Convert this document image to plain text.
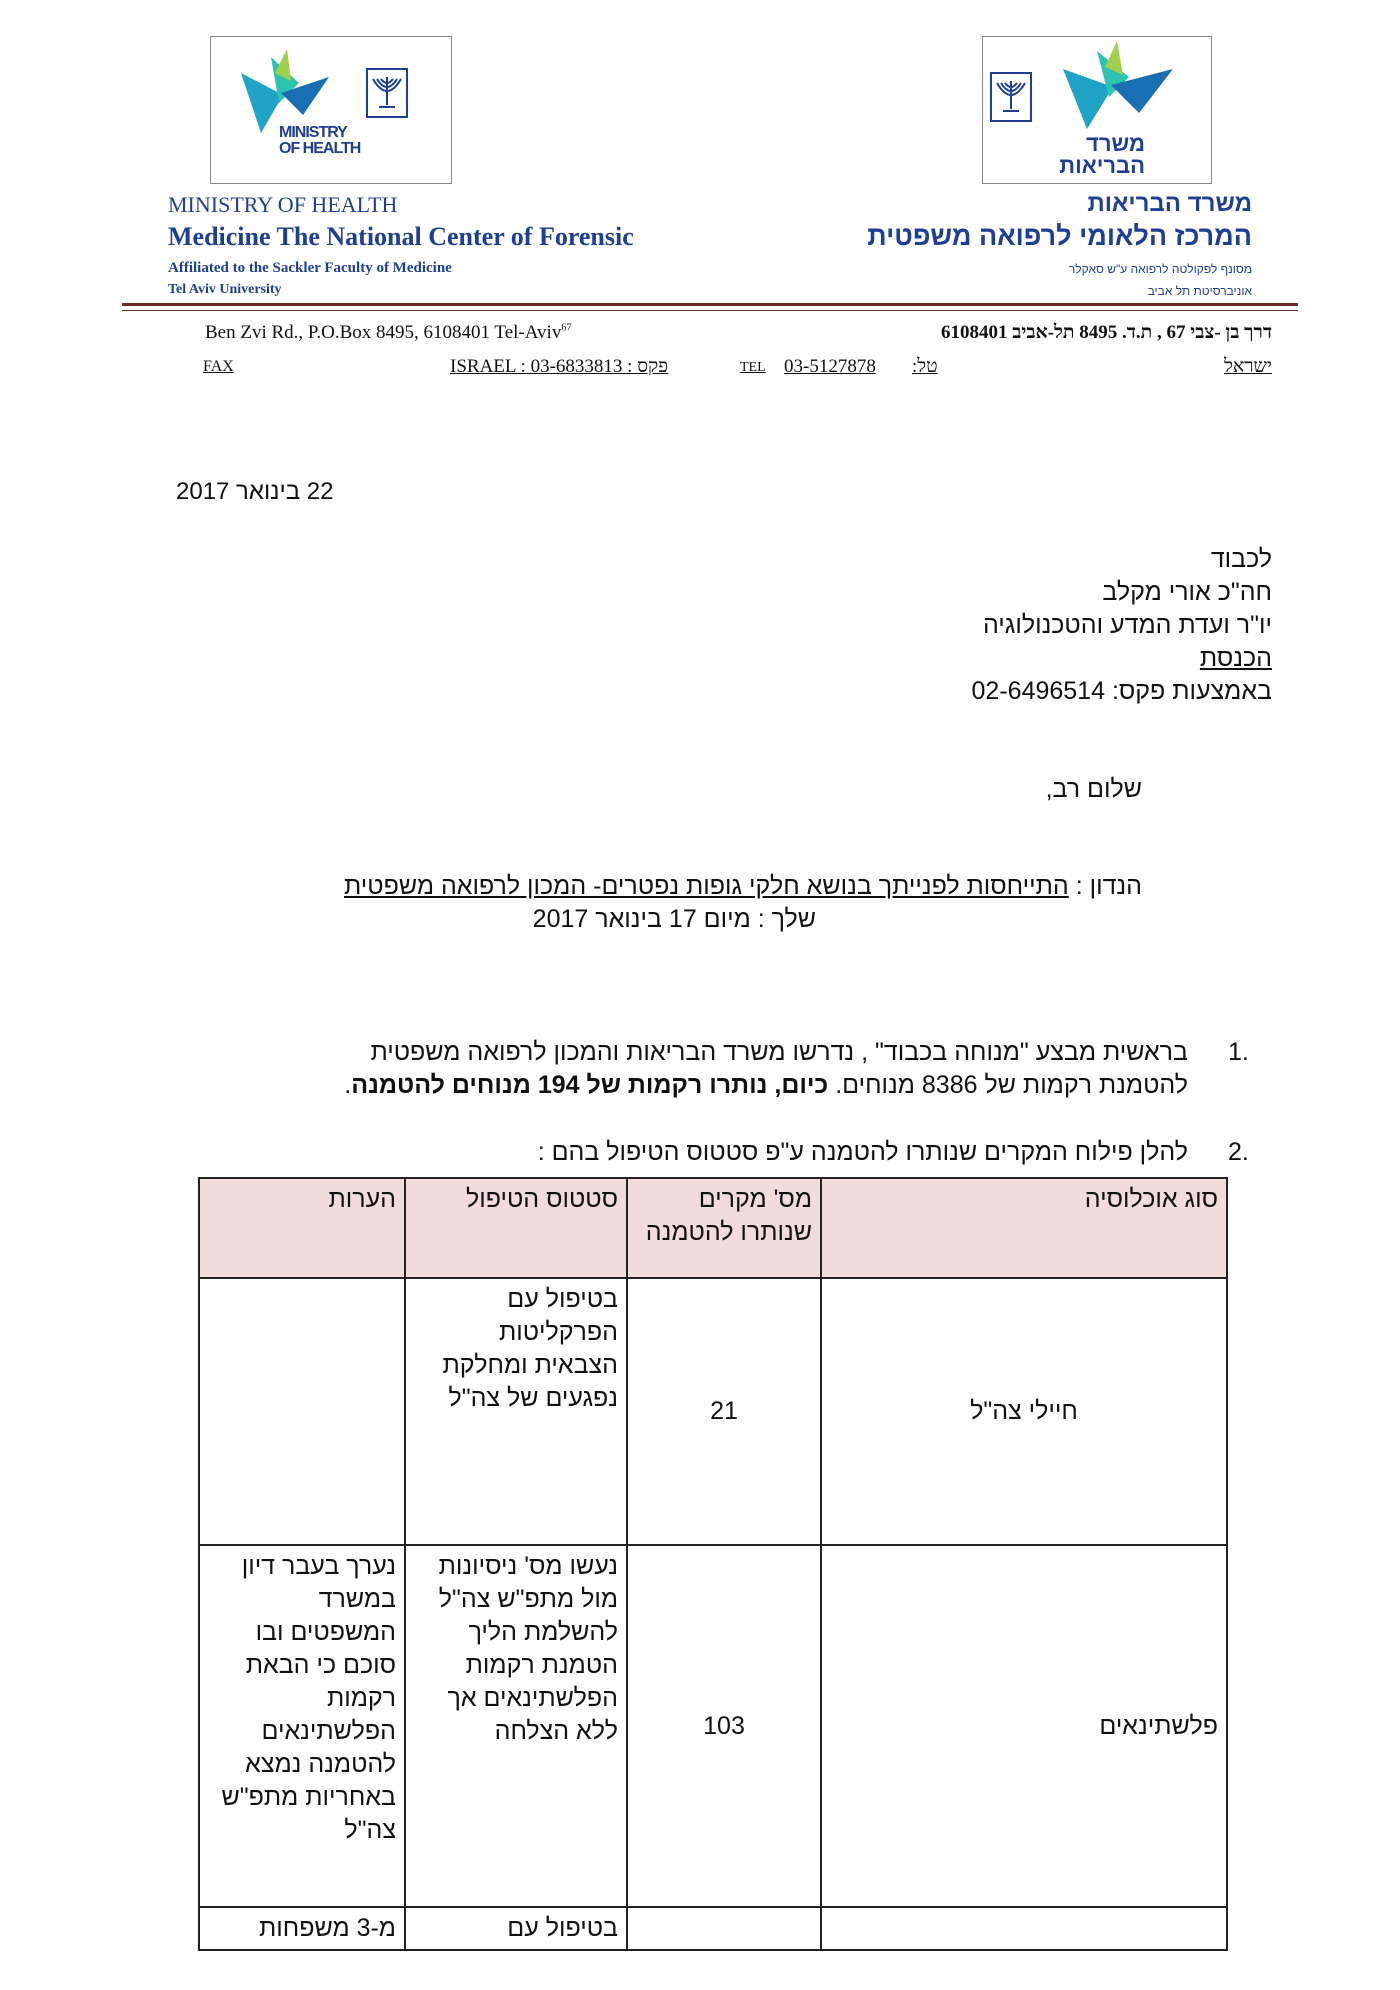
MINISTRY
OF HEALTH	משרד
הבריאות
MINISTRY OF HEALTH
Medicine The National Center of Forensic
Affiliated to the Sackler Faculty of Medicine
Tel Aviv University
משרד הבריאות
המרכז הלאומי לרפואה משפטית
מסונף לפקולטה לרפואה ע"ש סאקלר
אוניברסיטת תל אביב
Ben Zvi Rd., P.O.Box 8495, 6108401 Tel-Aviv$^{67}$	דרך בן -צבי 67 , ת.ד. 8495 תל-אביב 6108401
FAX	ISRAEL : 03-6833813 : פקס	TEL 03-5127878 טל:	ישראל
22 בינואר 2017
לכבוד
חה"כ אורי מקלב
יו"ר ועדת המדע והטכנולוגיה
הכנסת
באמצעות פקס: 02-6496514
שלום רב,
הנדון : התייחסות לפנייתך בנושא חלקי גופות נפטרים- המכון לרפואה משפטית
שלך : מיום 17 בינואר 2017
1.
בראשית מבצע "מנוחה בכבוד" , נדרשו משרד הבריאות והמכון לרפואה משפטית
להטמנת רקמות של 8386 מנוחים. כיום, נותרו רקמות של 194 מנוחים להטמנה.
2.
להלן פילוח המקרים שנותרו להטמנה ע"פ סטטוס הטיפול בהם :
סוג אוכלוסיה	מס' מקרים שנותרו להטמנה	סטטוס הטיפול	הערות
חיילי צה"ל	21	בטיפול עם הפרקליטות הצבאית ומחלקת נפגעים של צה"ל	
פלשתינאים	103	נעשו מס' ניסיונות מול מתפ"ש צה"ל להשלמת הליך הטמנת רקמות הפלשתינאים אך ללא הצלחה	נערך בעבר דיון במשרד המשפטים ובו סוכם כי הבאת רקמות הפלשתינאים להטמנה נמצא באחריות מתפ"ש צה"ל
		בטיפול עם	מ-3 משפחות
